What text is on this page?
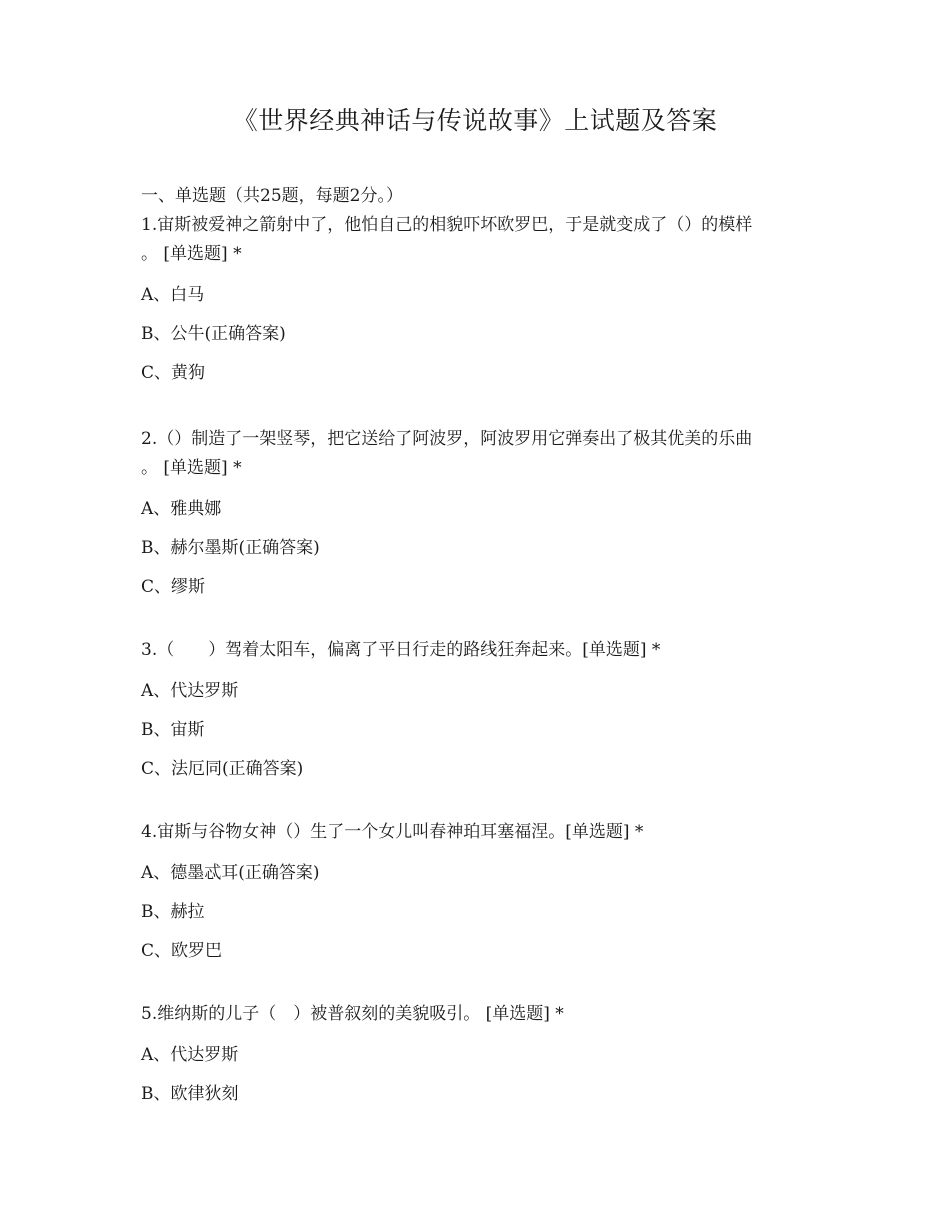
《世界经典神话与传说故事》上试题及答案

一、单选题（共25题，每题2分。）

1.宙斯被爱神之箭射中了，他怕自己的相貌吓坏欧罗巴，于是就变成了（）的模样
。 [单选题] *

A、白马
B、公牛(正确答案)
C、黄狗

2.（）制造了一架竖琴，把它送给了阿波罗，阿波罗用它弹奏出了极其优美的乐曲
。 [单选题] *

A、雅典娜
B、赫尔墨斯(正确答案)
C、缪斯

3.（　　）驾着太阳车，偏离了平日行走的路线狂奔起来。[单选题] *

A、代达罗斯
B、宙斯
C、法厄同(正确答案)

4.宙斯与谷物女神（）生了一个女儿叫春神珀耳塞福涅。[单选题] *

A、德墨忒耳(正确答案)
B、赫拉
C、欧罗巴

5.维纳斯的儿子（　）被普叙刻的美貌吸引。 [单选题] *

A、代达罗斯
B、欧律狄刻
